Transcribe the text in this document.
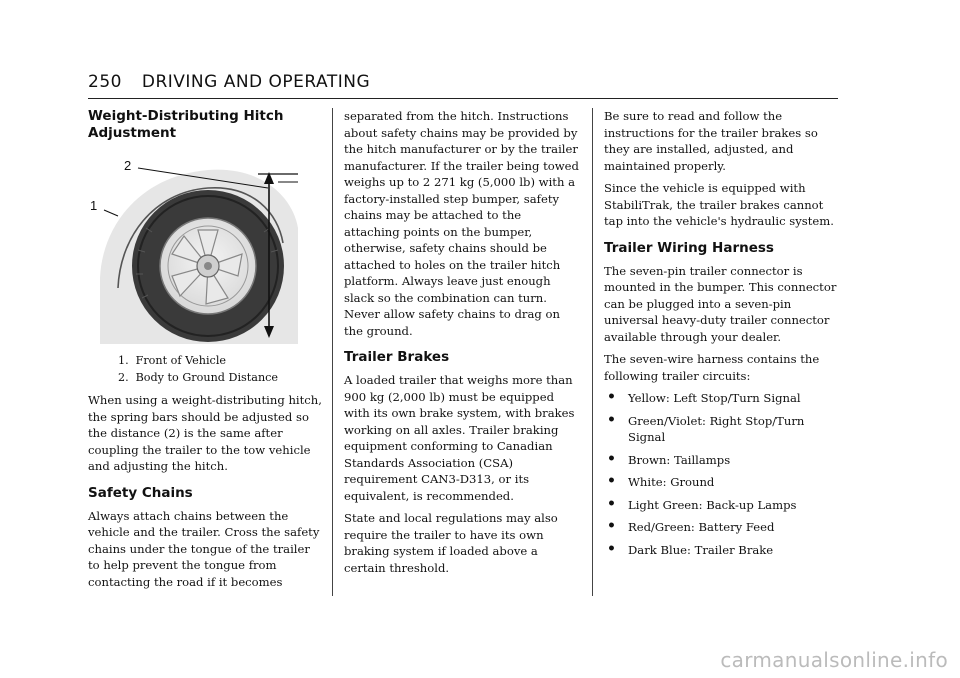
250 DRIVING AND OPERATING
Weight-Distributing Hitch Adjustment
2
1
1. Front of Vehicle
2. Body to Ground Distance

When using a weight-distributing hitch, the spring bars should be adjusted so the distance (2) is the same after coupling the trailer to the tow vehicle and adjusting the hitch.

Safety Chains

Always attach chains between the vehicle and the trailer. Cross the safety chains under the tongue of the trailer to help prevent the tongue from contacting the road if it becomes

separated from the hitch. Instructions about safety chains may be provided by the hitch manufacturer or by the trailer manufacturer. If the trailer being towed weighs up to 2 271 kg (5,000 lb) with a factory-installed step bumper, safety chains may be attached to the attaching points on the bumper, otherwise, safety chains should be attached to holes on the trailer hitch platform. Always leave just enough slack so the combination can turn. Never allow safety chains to drag on the ground.

Trailer Brakes

A loaded trailer that weighs more than 900 kg (2,000 lb) must be equipped with its own brake system, with brakes working on all axles. Trailer braking equipment conforming to Canadian Standards Association (CSA) requirement CAN3-D313, or its equivalent, is recommended.

State and local regulations may also require the trailer to have its own braking system if loaded above a certain threshold.

Be sure to read and follow the instructions for the trailer brakes so they are installed, adjusted, and maintained properly.

Since the vehicle is equipped with StabiliTrak, the trailer brakes cannot tap into the vehicle's hydraulic system.

Trailer Wiring Harness

The seven-pin trailer connector is mounted in the bumper. This connector can be plugged into a seven-pin universal heavy-duty trailer connector available through your dealer.

The seven-wire harness contains the following trailer circuits:

• Yellow: Left Stop/Turn Signal
• Green/Violet: Right Stop/Turn Signal
• Brown: Taillamps
• White: Ground
• Light Green: Back-up Lamps
• Red/Green: Battery Feed
• Dark Blue: Trailer Brake
carmanualsonline.info
